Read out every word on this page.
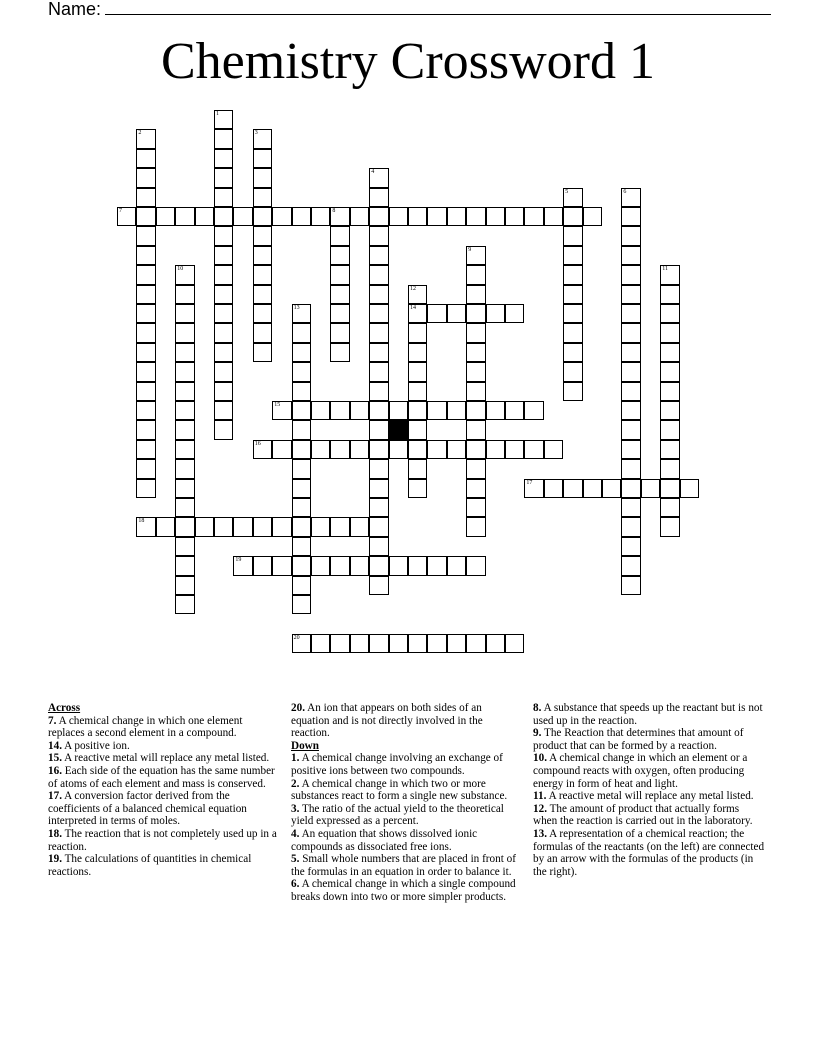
Name:
Chemistry Crossword 1
1
2	3
4
5	6
7	8
9
10	11
12
14
13
15
16
17
18
19
20

Across

7. A chemical change in which one element replaces a second element in a compound.

14. A positive ion.

15. A reactive metal will replace any metal listed.

16. Each side of the equation has the same number of atoms of each element and mass is conserved.

17. A conversion factor derived from the coefficients of a balanced chemical equation interpreted in terms of moles.

18. The reaction that is not completely used up in a reaction.

19. The calculations of quantities in chemical reactions.

20. An ion that appears on both sides of an equation and is not directly involved in the reaction.

Down

1. A chemical change involving an exchange of positive ions between two compounds.

2. A chemical change in which two or more substances react to form a single new substance.

3. The ratio of the actual yield to the theoretical yield expressed as a percent.

4. An equation that shows dissolved ionic compounds as dissociated free ions.

5. Small whole numbers that are placed in front of the formulas in an equation in order to balance it.

6. A chemical change in which a single compound breaks down into two or more simpler products.

8. A substance that speeds up the reactant but is not used up in the reaction.

9. The Reaction that determines that amount of product that can be formed by a reaction.

10. A chemical change in which an element or a compound reacts with oxygen, often producing energy in form of heat and light.

11. A reactive metal will replace any metal listed.

12. The amount of product that actually forms when the reaction is carried out in the laboratory.

13. A representation of a chemical reaction; the formulas of the reactants (on the left) are connected by an arrow with the formulas of the products (in the right).
